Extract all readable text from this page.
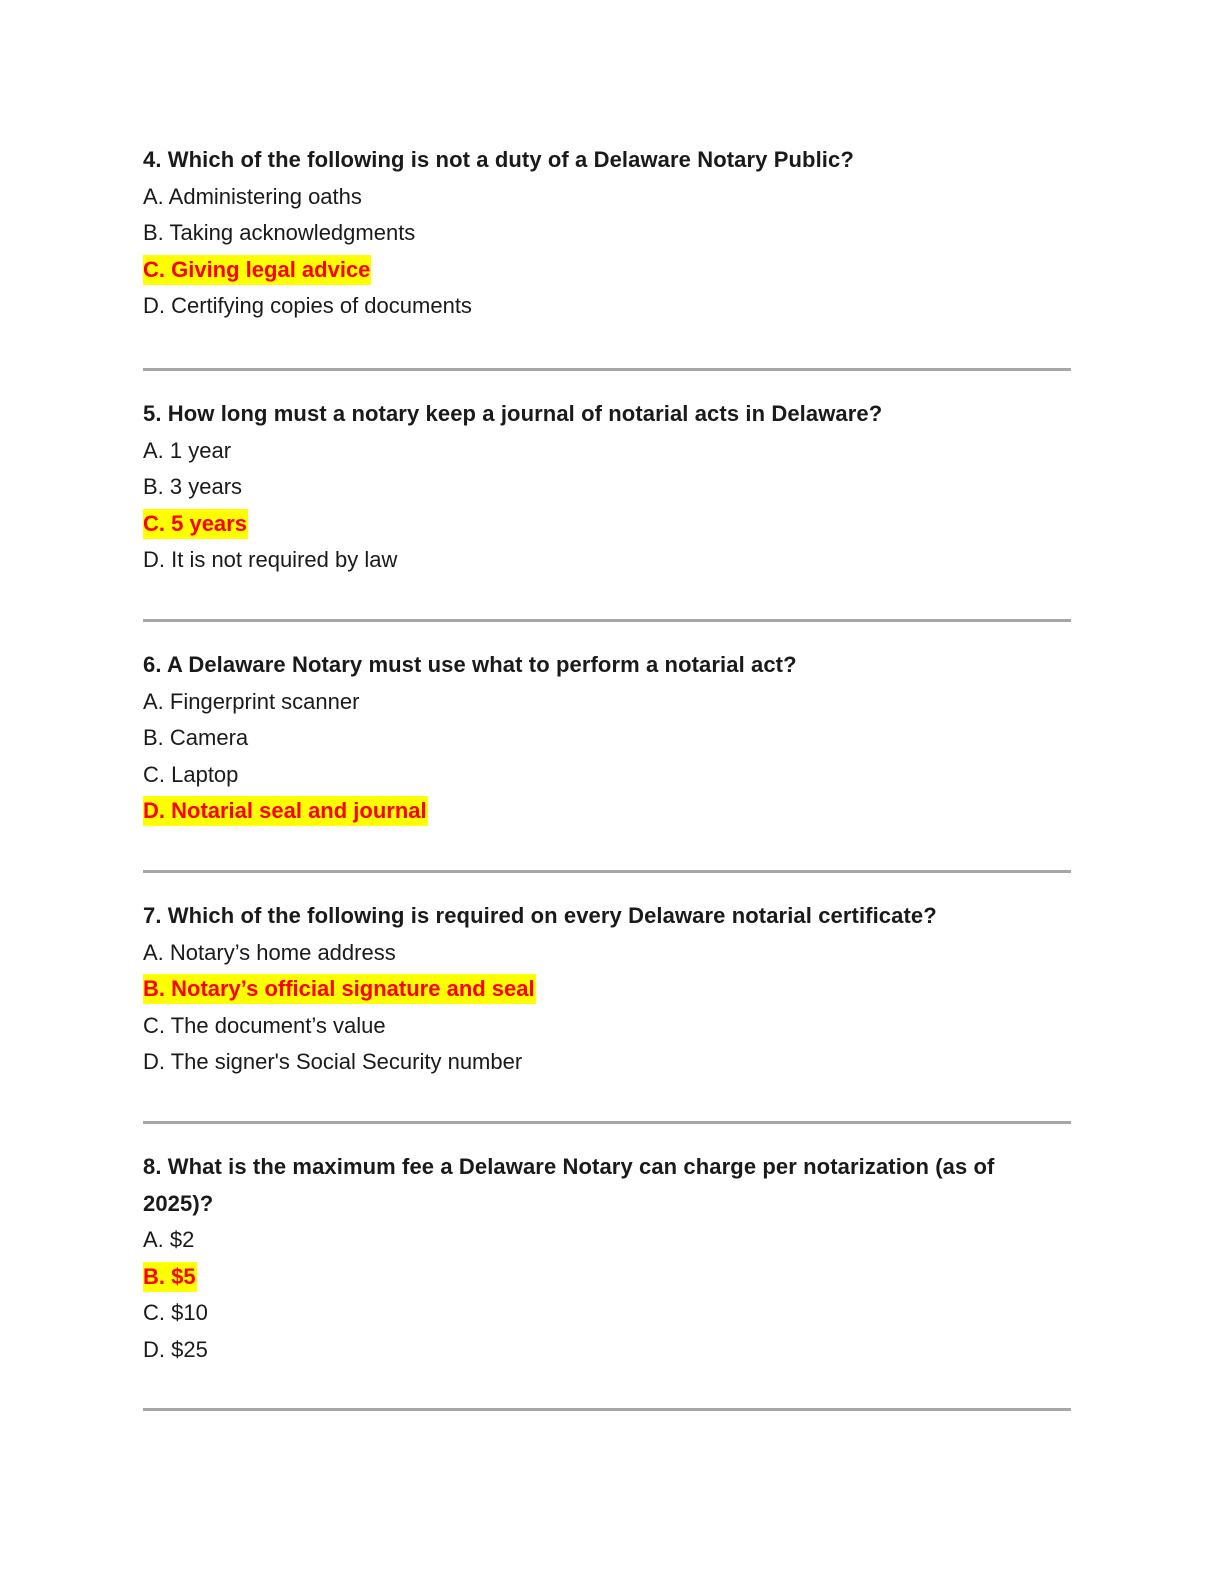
4. Which of the following is not a duty of a Delaware Notary Public?

A. Administering oaths
B. Taking acknowledgments
C. Giving legal advice
D. Certifying copies of documents

5. How long must a notary keep a journal of notarial acts in Delaware?

A. 1 year
B. 3 years
C. 5 years
D. It is not required by law

6. A Delaware Notary must use what to perform a notarial act?

A. Fingerprint scanner
B. Camera
C. Laptop
D. Notarial seal and journal

7. Which of the following is required on every Delaware notarial certificate?

A. Notary’s home address
B. Notary’s official signature and seal
C. The document’s value
D. The signer's Social Security number

8. What is the maximum fee a Delaware Notary can charge per notarization (as of 2025)?

A. $2
B. $5
C. $10
D. $25
